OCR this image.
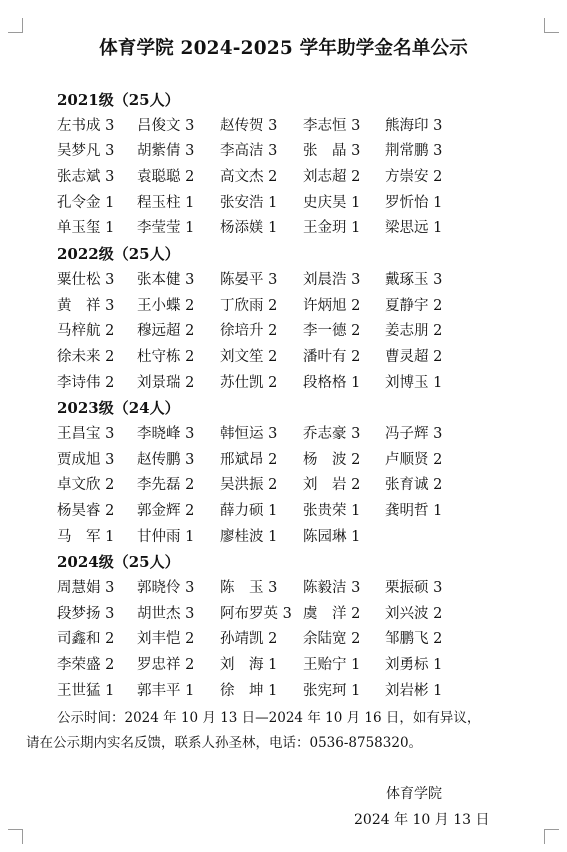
体育学院 2024-2025 学年助学金名单公示
2021级（25人）
左书成 3 吕俊文 3 赵传贺 3 李志恒 3 熊海印 3
吴梦凡 3 胡紫倩 3 李高洁 3 张　晶 3 荆常鹏 3
张志斌 3 袁聪聪 2 高文杰 2 刘志超 2 方崇安 2
孔令金 1 程玉柱 1 张安浩 1 史庆昊 1 罗忻怡 1
单玉玺 1 李莹莹 1 杨添媄 1 王金玥 1 梁思远 1
2022级（25人）
粟仕松 3 张本健 3 陈晏平 3 刘晨浩 3 戴琢玉 3
黄　祥 3 王小蝶 2 丁欣雨 2 许炳旭 2 夏静宇 2
马梓航 2 穆远超 2 徐培升 2 李一德 2 姜志朋 2
徐未来 2 杜守栋 2 刘文笙 2 潘叶有 2 曹灵超 2
李诗伟 2 刘景瑞 2 苏仕凯 2 段格格 1 刘博玉 1
2023级（24人）
王昌宝 3 李晓峰 3 韩恒运 3 乔志豪 3 冯子辉 3
贾成旭 3 赵传鹏 3 邢斌昂 2 杨　波 2 卢顺贤 2
卓文欣 2 李先磊 2 吴洪振 2 刘　岩 2 张育诚 2
杨昊睿 2 郭金辉 2 薛力硕 1 张贵荣 1 龚明哲 1
马　军 1 甘仲雨 1 廖桂波 1 陈园琳 1
2024级（25人）
周慧娟 3 郭晓伶 3 陈　玉 3 陈毅洁 3 栗振硕 3
段梦扬 3 胡世杰 3 阿布罗英 3 虞　洋 2 刘兴波 2
司鑫和 2 刘丰恺 2 孙靖凯 2 余陆宽 2 邹鹏飞 2
李荣盛 2 罗忠祥 2 刘　海 1 王贻宁 1 刘勇标 1
王世猛 1 郭丰平 1 徐　坤 1 张宪珂 1 刘岩彬 1
公示时间：2024 年 10 月 13 日—2024 年 10 月 16 日，如有异议，
请在公示期内实名反馈，联系人孙圣林，电话：0536-8758320。
体育学院
2024 年 10 月 13 日
